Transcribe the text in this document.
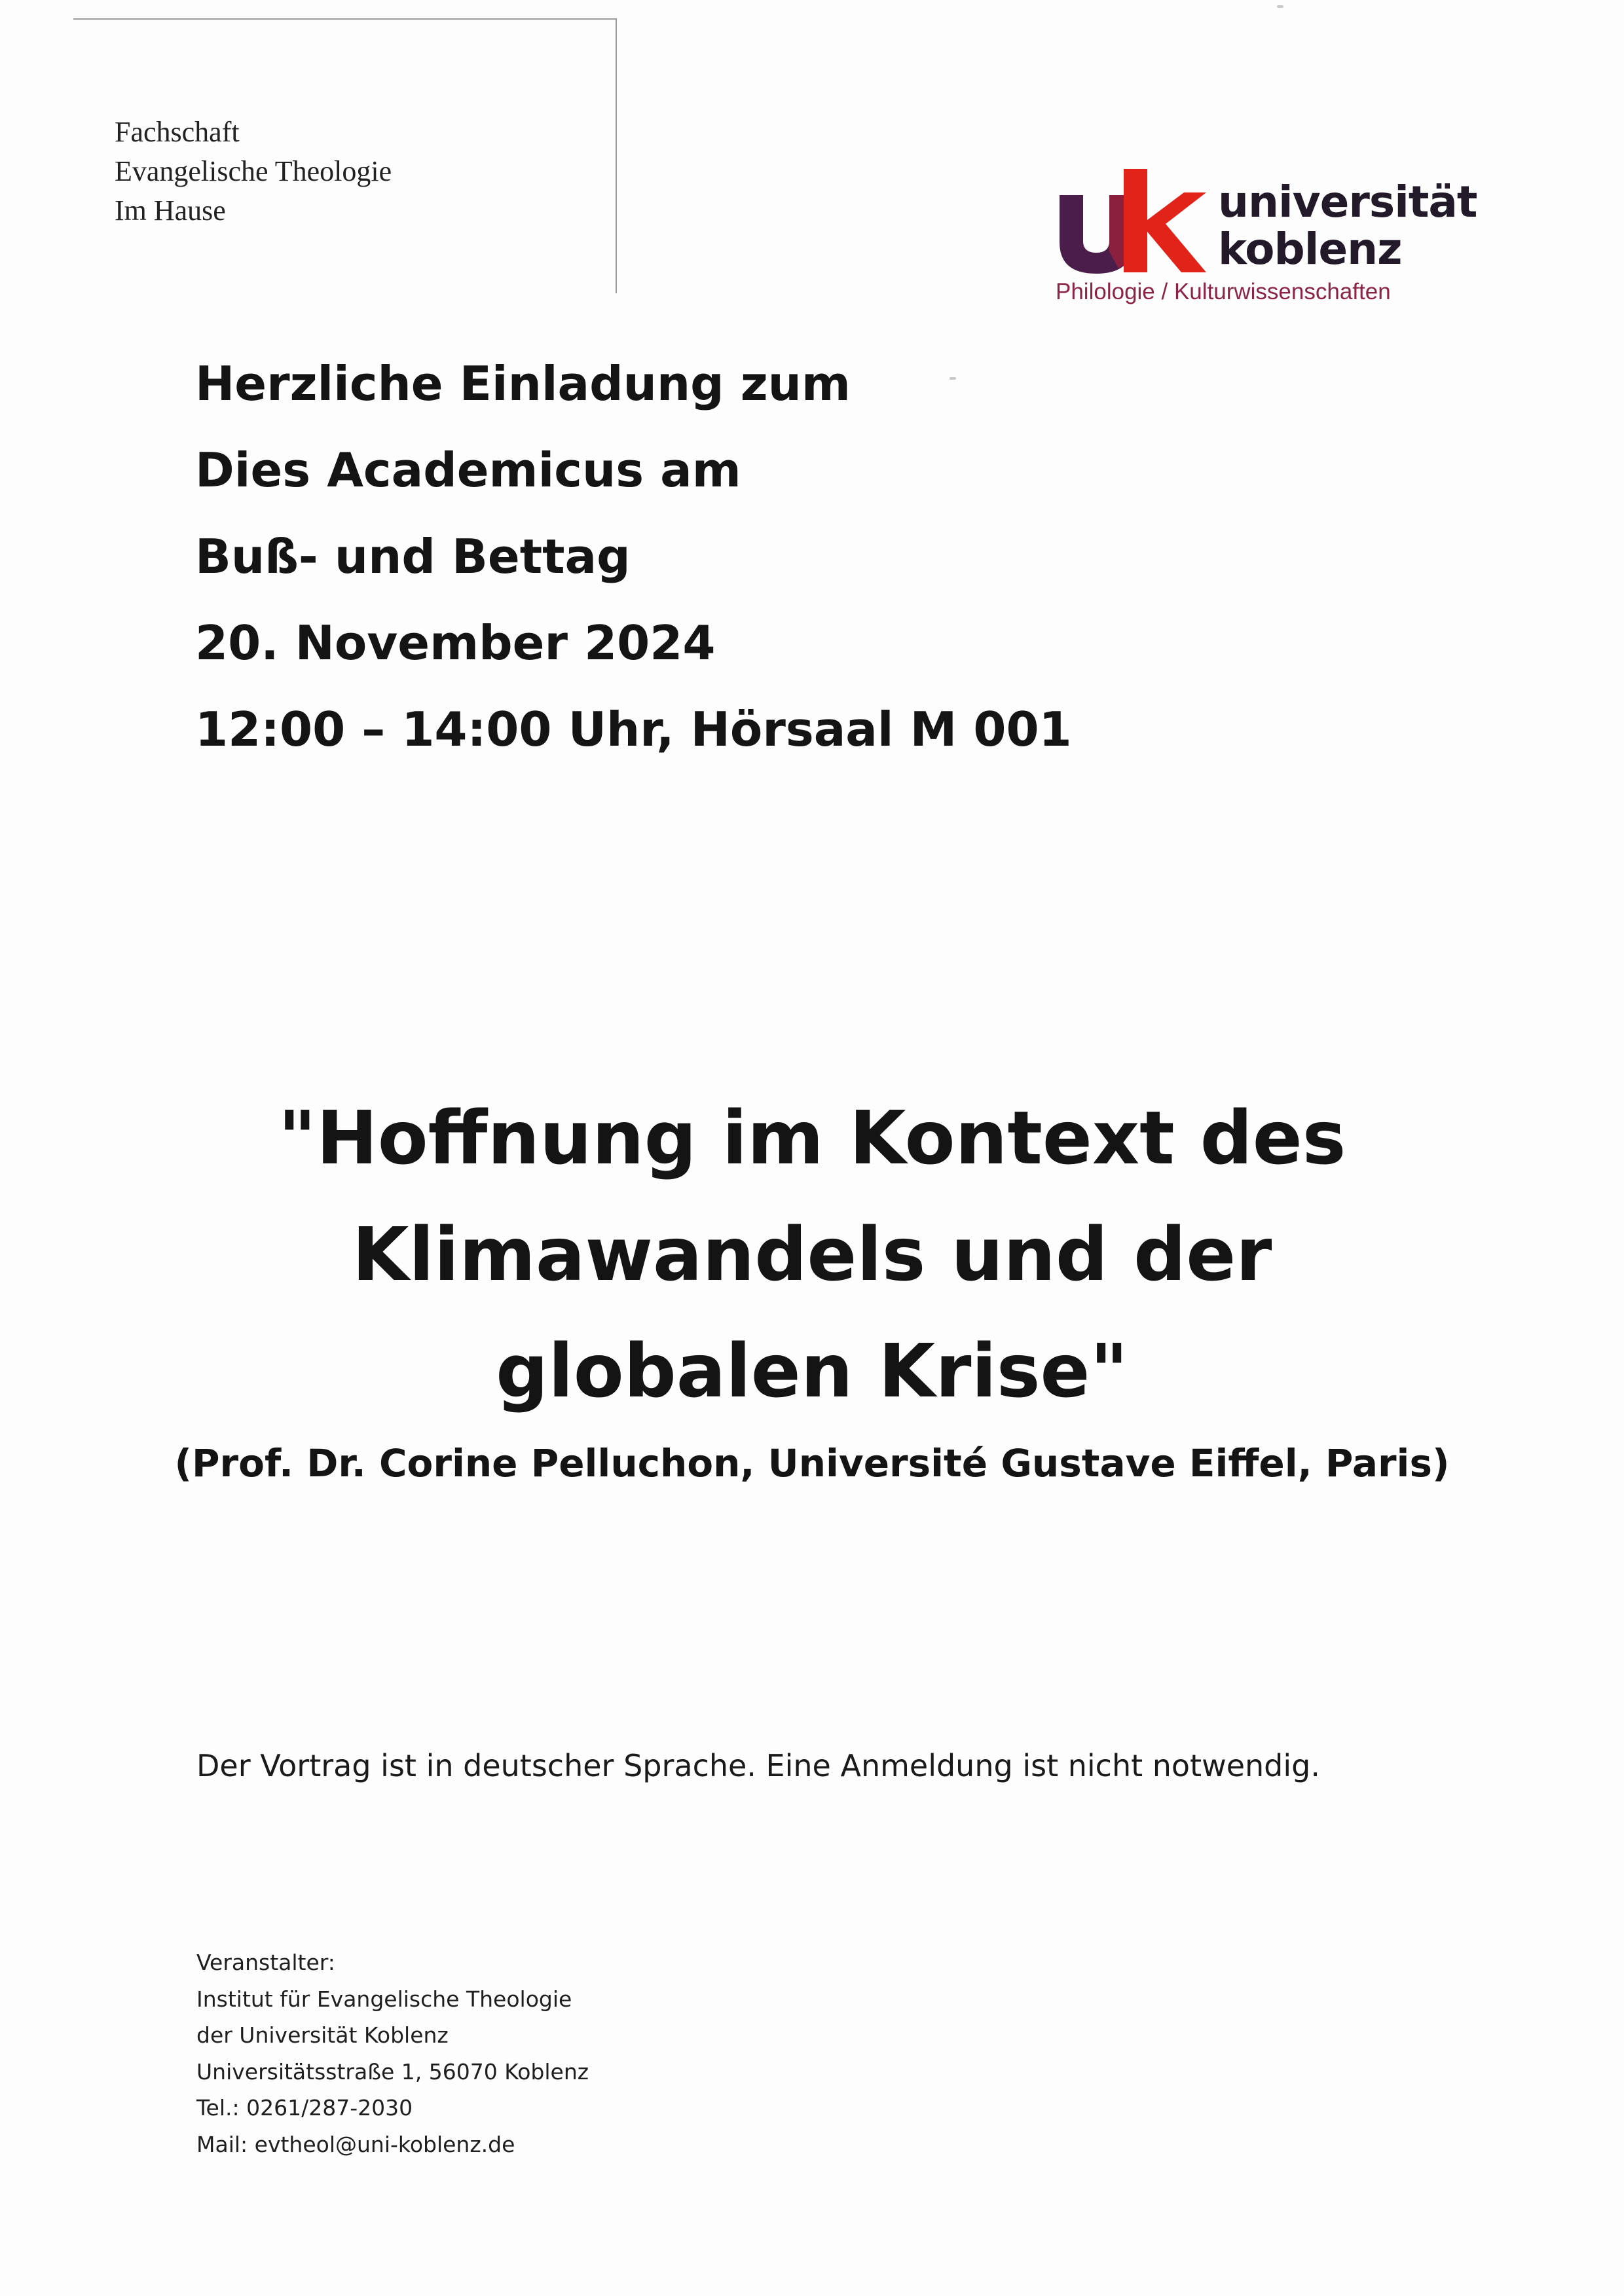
Fachschaft
Evangelische Theologie
Im Hause	universität
koblenz
Philologie / Kulturwissenschaften
Herzliche Einladung zum
Dies Academicus am
Buß- und Bettag
20. November 2024
12:00 – 14:00 Uhr, Hörsaal M 001
"Hoffnung im Kontext des
Klimawandels und der
globalen Krise"
(Prof. Dr. Corine Pelluchon, Université Gustave Eiffel, Paris)
Der Vortrag ist in deutscher Sprache. Eine Anmeldung ist nicht notwendig.
Veranstalter:
Institut für Evangelische Theologie
der Universität Koblenz
Universitätsstraße 1, 56070 Koblenz
Tel.: 0261/287-2030
Mail: evtheol@uni-koblenz.de
